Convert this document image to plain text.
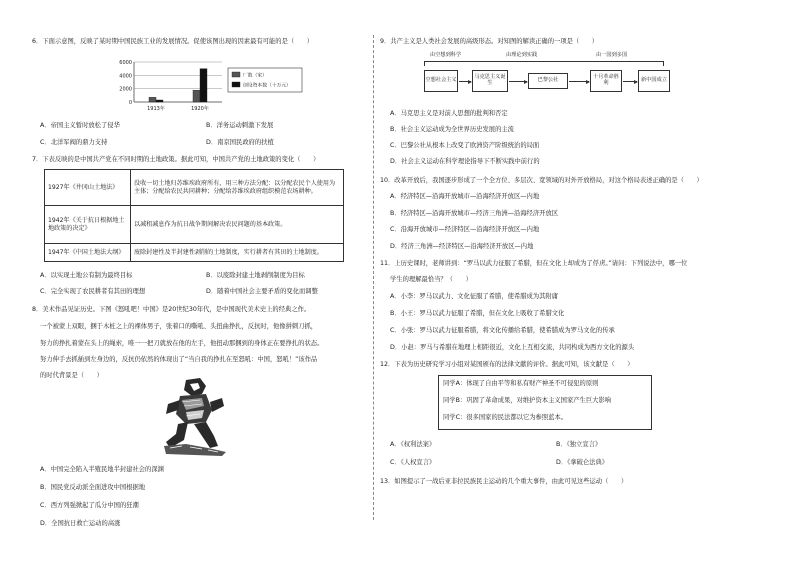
6．下面示意图，反映了某时期中国民族工业的发展情况。促使该图出现的因素最有可能的是（　　）
0
2000
4000
6000
1913年	1920年
厂数（家）
创设资本数（十万元）
A．帝国主义暂时放松了侵华	B．洋务运动刺激下发展
C．北洋军阀的鼎力支持	D．南京国民政府的扶植
7．下表反映的是中国共产党在不同时期的土地政策。据此可知，中国共产党的土地政策的变化（　　）
1927年《井冈山土地法》	没收一切土地归苏维埃政府所有，用三种方法分配：以分配农民个人使用为主体；分配给农民共同耕种；分配给苏维埃政府组织模范农场耕种。
1942年《关于抗日根据地土地政策的决定》	以减租减息作为抗日战争期间解决农民问题的基本政策。
1947年《中国土地法大纲》	废除封建性及半封建性剥削的土地制度，实行耕者有其田的土地制度。
A．以实现土地公有制为最终目标	B．以废除封建土地剥削制度为目标
C．完全实现了农民耕者有其田的理想	D．随着中国社会主要矛盾的变化而调整
8．美术作品见证历史。下图《怒吼吧！中国》是20世纪30年代，是中国现代美术史上的经典之作。
一个被蒙上双眼，捆于木桩之上的裸体男子，张着口的嘶吼、头扭曲挣扎，反抗时，他像拼刺刀抓，
努力的挣扎着蒙在头上的绳索，唯一一把刀就放在他的左手，他扭动那捆到的身体正在要挣扎的状态。
努力伸手去抓插到左身边的，反抗仍依然的体现出了“当自我的挣扎在至怒吼：中国，怒吼！”该作品
的时代背景是（　　）
A．中国完全陷入半殖民地半封建社会的深渊
B．国民党反动派全面进攻中国根据地
C．西方列强掀起了瓜分中国的狂潮
D．全国抗日救亡运动的高涨
9．共产主义是人类社会发展的高级形态。对知图的解读正确的一项是（　　）
由空想到科学	由理论到实践	由一国到多国
空想社会主义	马克思主义诞生	巴黎公社	十月革命胜利	新中国成立
A．马克思主义是对前人思想的批判和否定
B．社会主义运动成为全世界历史发展的主流
C．巴黎公社从根本上改变了欧洲资产阶级统治的局面
D．社会主义运动在科学理论指导下不断实践中前行的
10．改革开放后，我国逐步形成了一个全方位、多层次、宽领域的对外开放格局，对这个格局表述正确的是（　　）
A．经济特区—沿海开放城市—沿海经济开放区—内地
B．经济特区—沿海开放城市—经济三角洲—沿海经济开放区
C．沿海开放城市—经济特区—沿海经济开放区—内地
D．经济三角洲—经济特区—沿海经济开放区—内地
11．上历史课时，老师讲到：“罗马以武力征服了希腊，但在文化上却成为了俘虏。”请问：下列说法中，哪一位
学生的理解最恰当？（　　）
A．小李：罗马以武力、文化征服了希腊，使希腊成为其附庸
B．小王：罗马以武力征服了希腊，但在文化上吸收了希腊文化
C．小张：罗马以武力征服希腊，将文化传播给希腊，使希腊成为罗马文化的传承
D．小赵：罗马与希腊在地理上相距很近，文化上互相交流，共同构成为西方文化的源头
12．下表为历史研究学习小组对某国颁布的法律文献的评价。据此可知，该文献是（　　）
同学A：体现了自由平等和私有财产神圣不可侵犯的原则
同学B：巩固了革命成果，对维护资本主义国家产生巨大影响
同学C：很多国家的民法都以它为参照蓝本。
A．《权利法案》	B．《独立宣言》
C．《人权宣言》	D．《拿破仑法典》
13．如图提示了一战后亚非拉民族民主运动的几个重大事件，由此可见这些运动（　　）
